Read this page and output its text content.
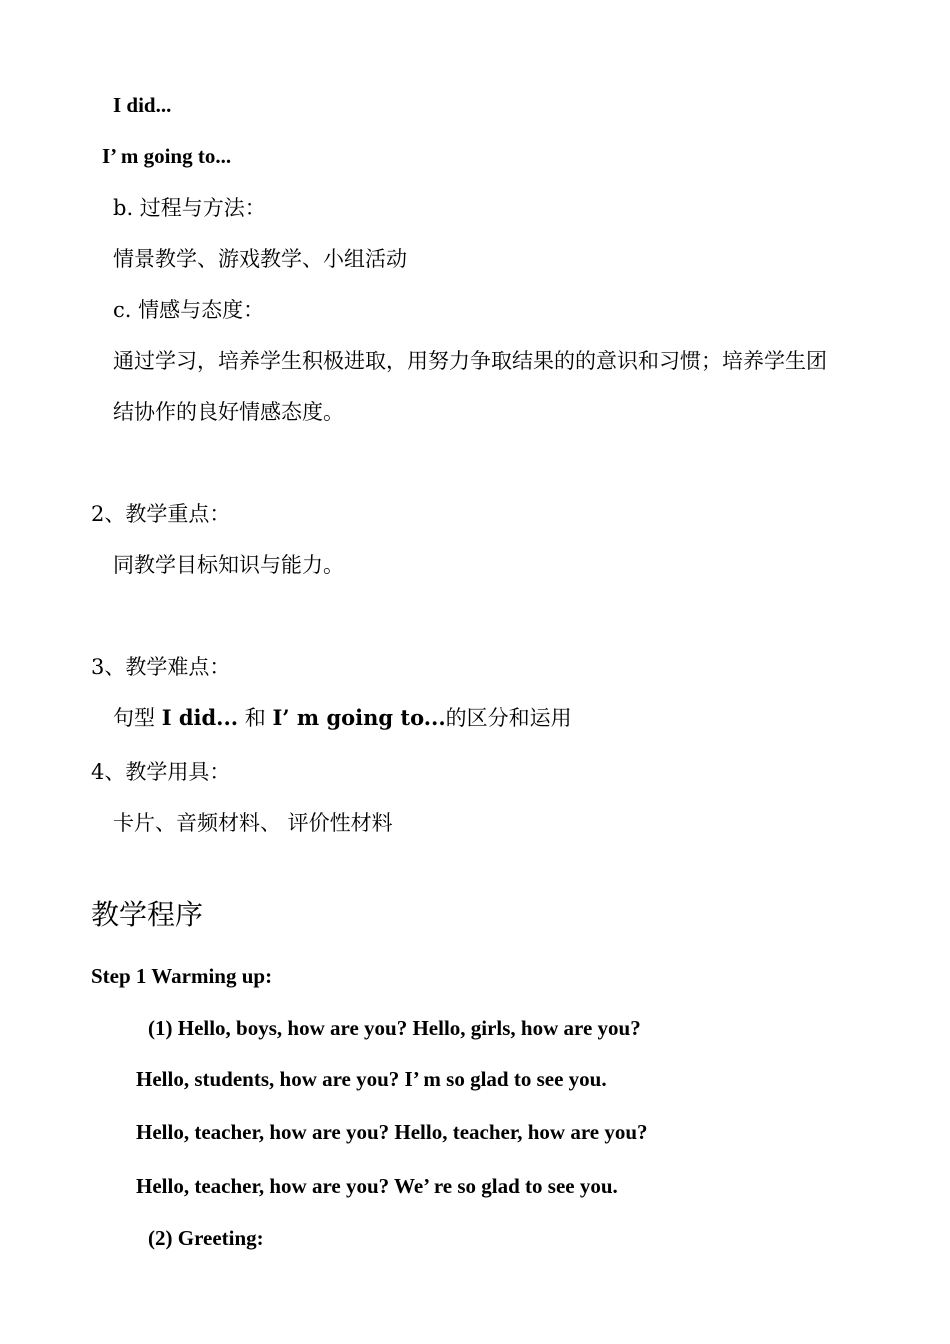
I did...
I’ m going to...
b. 过程与方法：
情景教学、游戏教学、小组活动
c. 情感与态度：
通过学习，培养学生积极进取，用努力争取结果的的意识和习惯；培养学生团
结协作的良好情感态度。
2、教学重点：
同教学目标知识与能力。
3、教学难点：
句型 I did... 和 I’ m going to...的区分和运用
4、教学用具：
卡片、音频材料、 评价性材料
教学程序
Step 1 Warming up:
(1) Hello, boys, how are you? Hello, girls, how are you?
Hello, students, how are you? I’ m so glad to see you.
Hello, teacher, how are you? Hello, teacher, how are you?
Hello, teacher, how are you? We’ re so glad to see you.
(2) Greeting:
